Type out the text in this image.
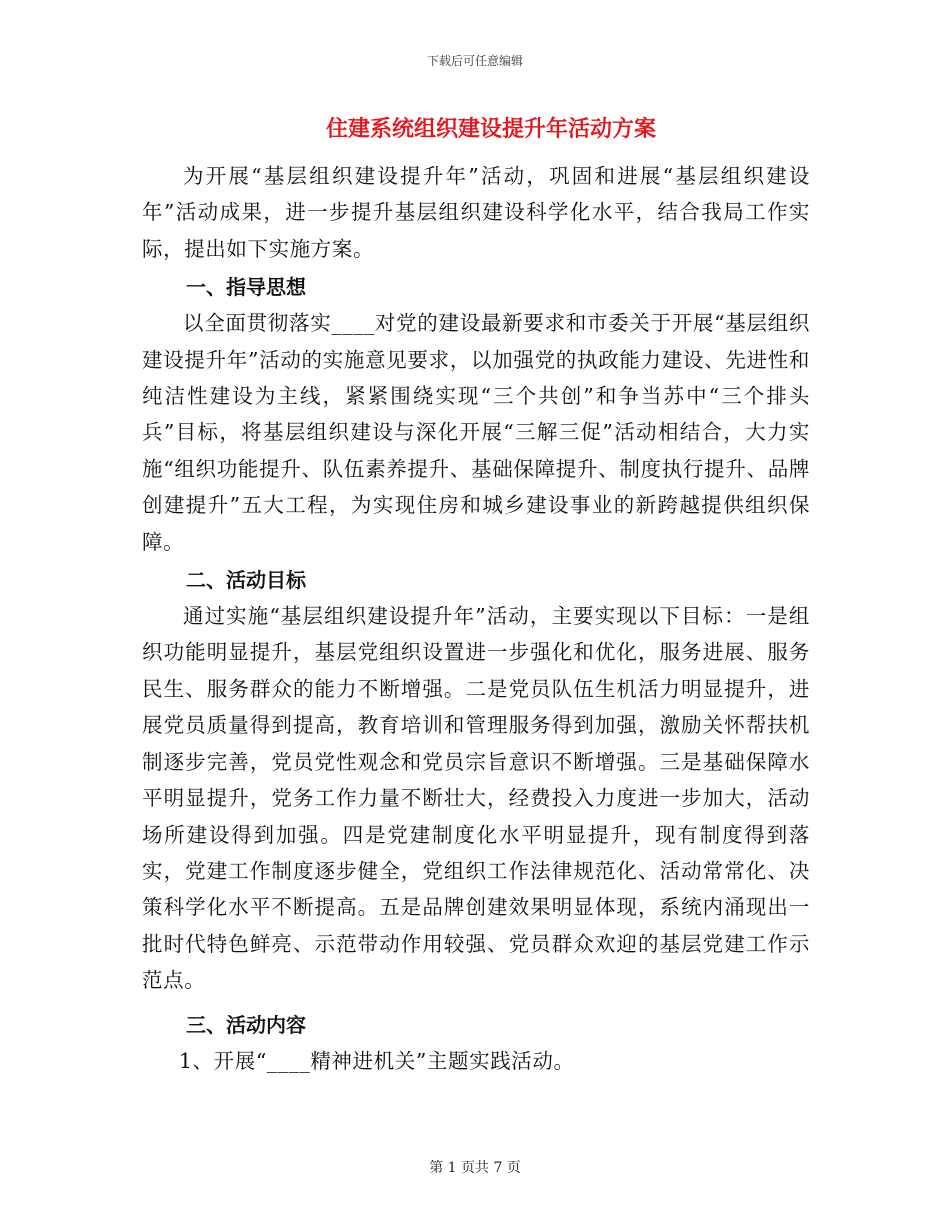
下载后可任意编辑
住建系统组织建设提升年活动方案

为开展“基层组织建设提升年”活动，巩固和进展“基层组织建设年”活动成果，进一步提升基层组织建设科学化水平，结合我局工作实际，提出如下实施方案。

一、指导思想

以全面贯彻落实____对党的建设最新要求和市委关于开展“基层组织建设提升年”活动的实施意见要求，以加强党的执政能力建设、先进性和纯洁性建设为主线，紧紧围绕实现“三个共创”和争当苏中“三个排头兵”目标，将基层组织建设与深化开展“三解三促”活动相结合，大力实施“组织功能提升、队伍素养提升、基础保障提升、制度执行提升、品牌创建提升”五大工程，为实现住房和城乡建设事业的新跨越提供组织保障。

二、活动目标

通过实施“基层组织建设提升年”活动，主要实现以下目标：一是组织功能明显提升，基层党组织设置进一步强化和优化，服务进展、服务民生、服务群众的能力不断增强。二是党员队伍生机活力明显提升，进展党员质量得到提高，教育培训和管理服务得到加强，激励关怀帮扶机制逐步完善，党员党性观念和党员宗旨意识不断增强。三是基础保障水平明显提升，党务工作力量不断壮大，经费投入力度进一步加大，活动场所建设得到加强。四是党建制度化水平明显提升，现有制度得到落实，党建工作制度逐步健全，党组织工作法律规范化、活动常常化、决策科学化水平不断提高。五是品牌创建效果明显体现，系统内涌现出一批时代特色鲜亮、示范带动作用较强、党员群众欢迎的基层党建工作示范点。

三、活动内容

1、开展“____精神进机关”主题实践活动。

第 1 页共 7 页
